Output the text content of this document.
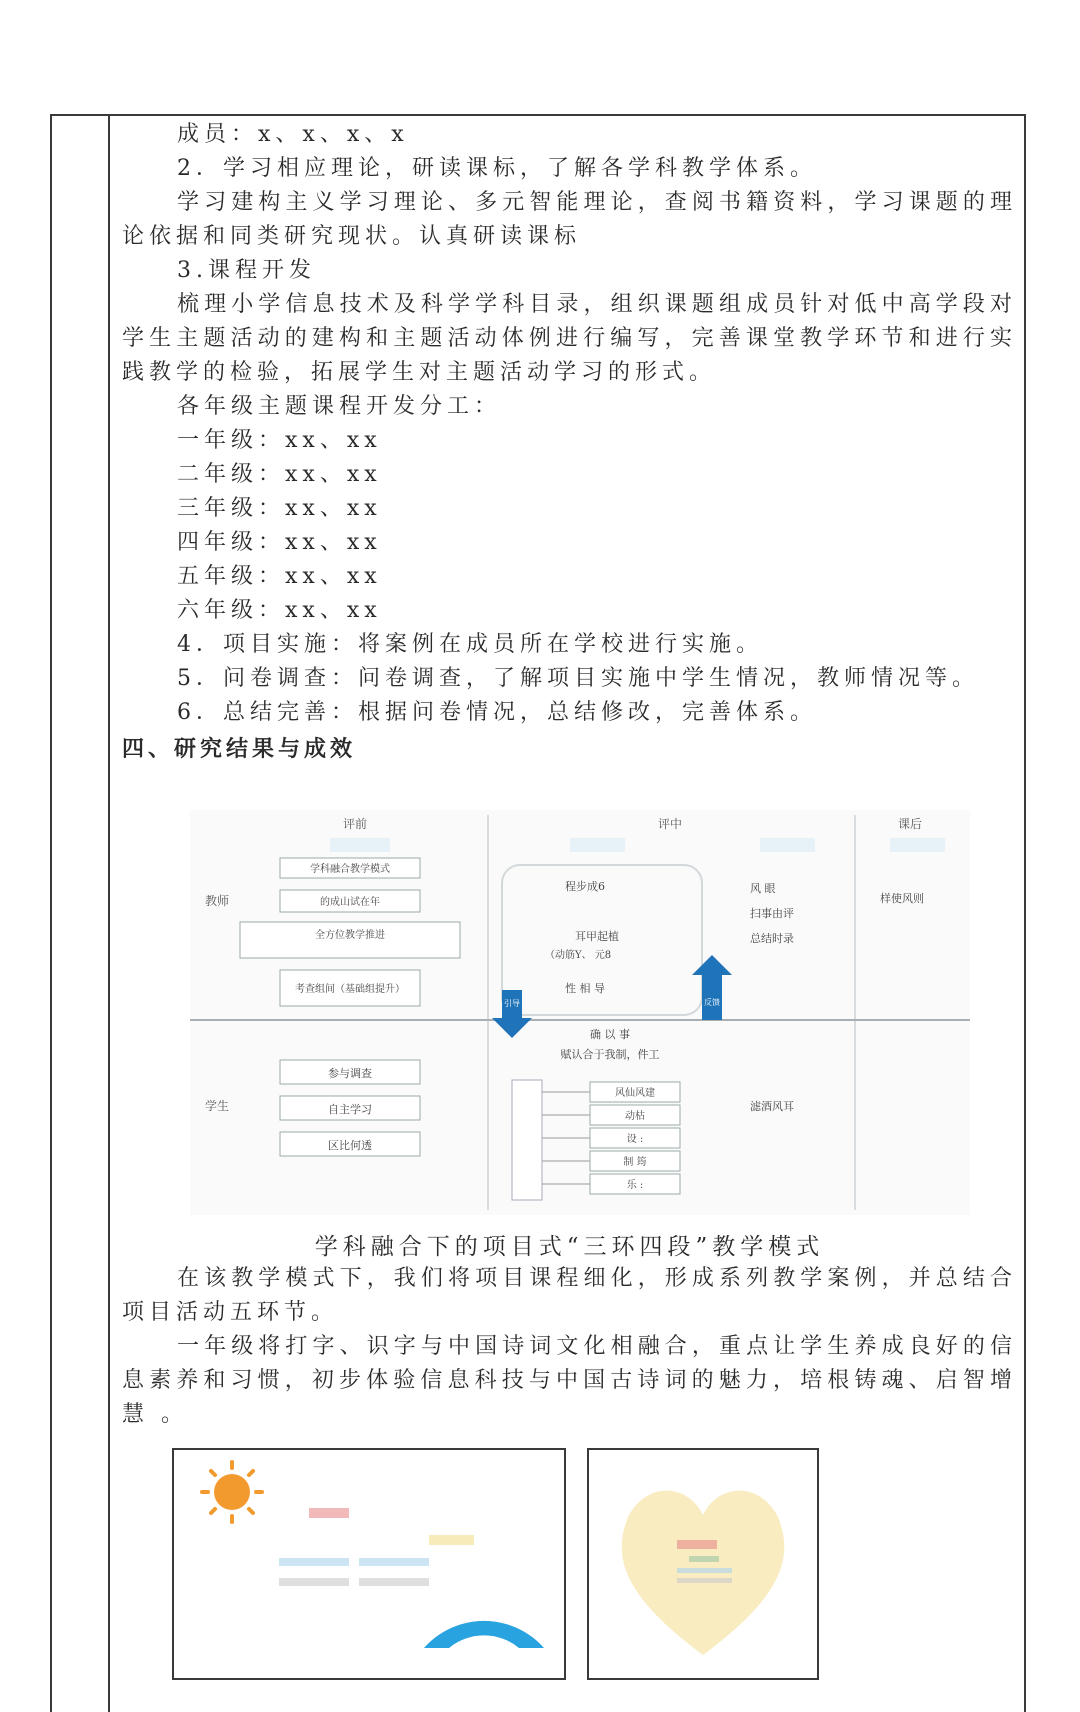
成员：x、x、x、x

2．学习相应理论，研读课标，了解各学科教学体系。

学习建构主义学习理论、多元智能理论，查阅书籍资料，学习课题的理论依据和同类研究现状。认真研读课标

3.课程开发

梳理小学信息技术及科学学科目录，组织课题组成员针对低中高学段对学生主题活动的建构和主题活动体例进行编写，完善课堂教学环节和进行实践教学的检验，拓展学生对主题活动学习的形式。

各年级主题课程开发分工：

一年级：xx、xx

二年级：xx、xx

三年级：xx、xx

四年级：xx、xx

五年级：xx、xx

六年级：xx、xx

4．项目实施：将案例在成员所在学校进行实施。

5．问卷调查：问卷调查，了解项目实施中学生情况，教师情况等。

6．总结完善：根据问卷情况，总结修改，完善体系。

四、研究结果与成效

评前	评中	课后
教师
学生
学科融合教学模式
的成山试在年
全方位教学推进
考查组间（基础组提升）
参与调查
自主学习
区比何透
程步成6
耳甲起植
（动筋Y、 元8
性 相 导
引导	反馈
确 以 事
赋认合于我制，件工
风 眼
扫事由评
总结时录
样使风则
风仙风建
动枯
设 :
制 筠
乐 :
滤酒风耳
学科融合下的项目式“三环四段”教学模式

在该教学模式下，我们将项目课程细化，形成系列教学案例，并总结合项目活动五环节。

一年级将打字、识字与中国诗词文化相融合，重点让学生养成良好的信息素养和习惯，初步体验信息科技与中国古诗词的魅力，培根铸魂、启智增慧 。
